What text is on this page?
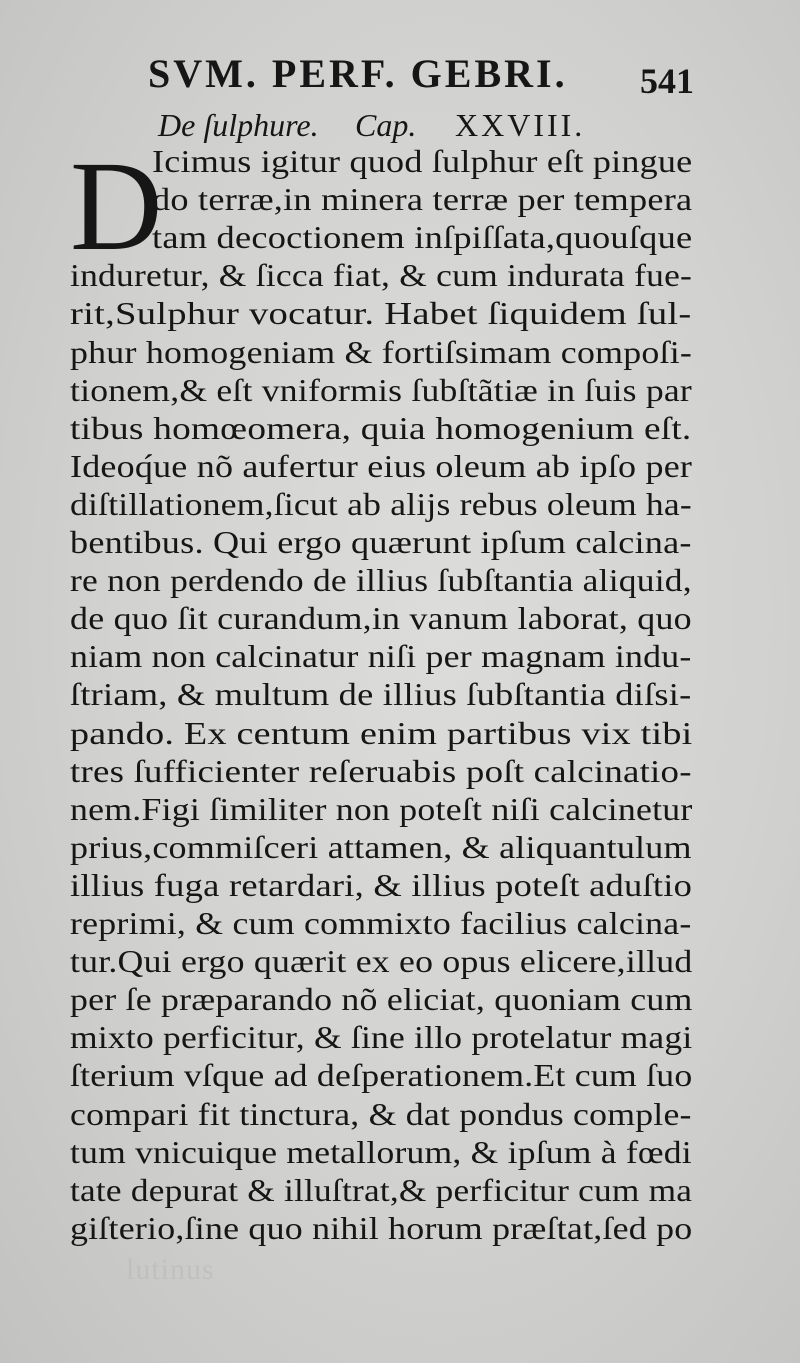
lutinus
SVM. PERF. GEBRI. 541
De ſulphure. Cap. XXVIII.
D
Icimus igitur quod ſulphur eſt pingue
do terræ,in minera terræ per tempera
tam decoctionem inſpiſſata,quouſque
induretur, & ſicca fiat, & cum indurata fue-
rit,Sulphur vocatur. Habet ſiquidem ſul-
phur homogeniam & fortiſsimam compoſi-
tionem,& eſt vniformis ſubſtãtiæ in ſuis par
tibus homœomera, quia homogenium eſt.
Ideoq́ue nõ aufertur eius oleum ab ipſo per
diſtillationem,ſicut ab alijs rebus oleum ha-
bentibus. Qui ergo quærunt ipſum calcina-
re non perdendo de illius ſubſtantia aliquid,
de quo ſit curandum,in vanum laborat, quo
niam non calcinatur niſi per magnam indu-
ſtriam, & multum de illius ſubſtantia diſsi-
pando. Ex centum enim partibus vix tibi
tres ſufficienter reſeruabis poſt calcinatio-
nem.Figi ſimiliter non poteſt niſi calcinetur
prius,commiſceri attamen, & aliquantulum
illius fuga retardari, & illius poteſt aduſtio
reprimi, & cum commixto facilius calcina-
tur.Qui ergo quærit ex eo opus elicere,illud
per ſe præparando nõ eliciat, quoniam cum
mixto perficitur, & ſine illo protelatur magi
ſterium vſque ad deſperationem.Et cum ſuo
compari fit tinctura, & dat pondus comple-
tum vnicuique metallorum, & ipſum à fœdi
tate depurat & illuſtrat,& perficitur cum ma
giſterio,ſine quo nihil horum præſtat,ſed po
